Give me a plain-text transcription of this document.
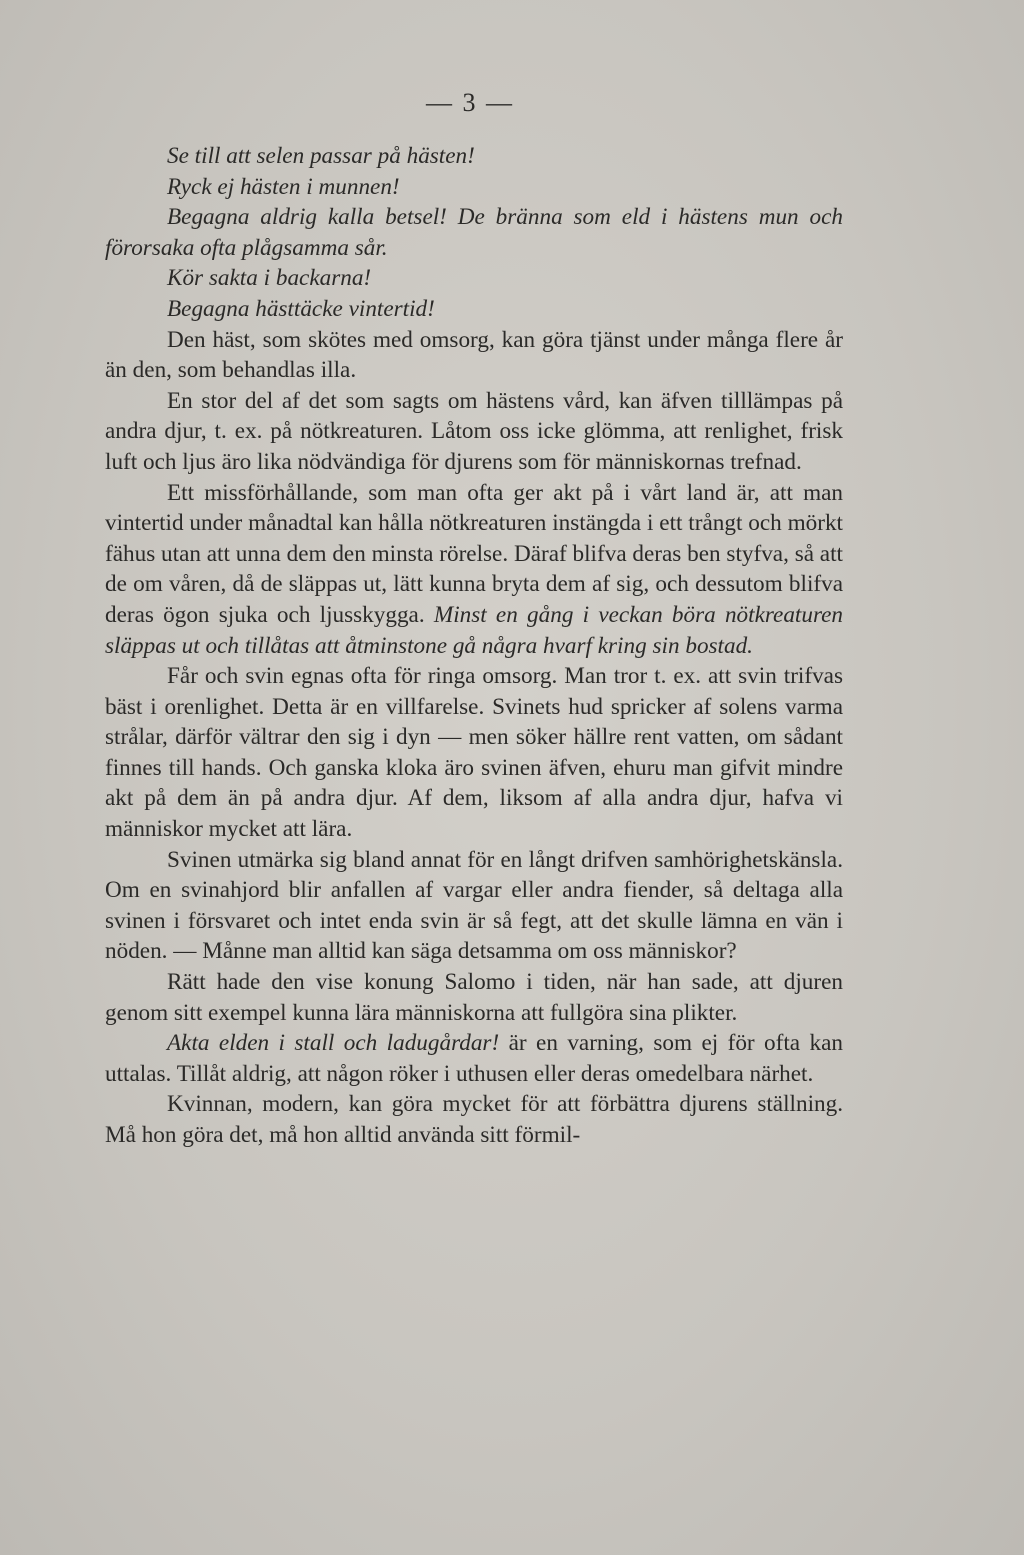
— 3 —

Se till att selen passar på hästen!

Ryck ej hästen i munnen!

Begagna aldrig kalla betsel! De bränna som eld i hästens mun och förorsaka ofta plågsamma sår.

Kör sakta i backarna!

Begagna hästtäcke vintertid!

Den häst, som skötes med omsorg, kan göra tjänst under många flere år än den, som behandlas illa.

En stor del af det som sagts om hästens vård, kan äfven tilllämpas på andra djur, t. ex. på nötkreaturen. Låtom oss icke glömma, att renlighet, frisk luft och ljus äro lika nödvändiga för djurens som för människornas trefnad.

Ett missförhållande, som man ofta ger akt på i vårt land är, att man vintertid under månadtal kan hålla nötkreaturen instängda i ett trångt och mörkt fähus utan att unna dem den minsta rörelse. Däraf blifva deras ben styfva, så att de om våren, då de släppas ut, lätt kunna bryta dem af sig, och dessutom blifva deras ögon sjuka och ljusskygga. Minst en gång i veckan böra nötkreaturen släppas ut och tillåtas att åtminstone gå några hvarf kring sin bostad.

Får och svin egnas ofta för ringa omsorg. Man tror t. ex. att svin trifvas bäst i orenlighet. Detta är en villfarelse. Svinets hud spricker af solens varma strålar, därför vältrar den sig i dyn — men söker hällre rent vatten, om sådant finnes till hands. Och ganska kloka äro svinen äfven, ehuru man gifvit mindre akt på dem än på andra djur. Af dem, liksom af alla andra djur, hafva vi människor mycket att lära.

Svinen utmärka sig bland annat för en långt drifven samhörighetskänsla. Om en svinahjord blir anfallen af vargar eller andra fiender, så deltaga alla svinen i försvaret och intet enda svin är så fegt, att det skulle lämna en vän i nöden. — Månne man alltid kan säga detsamma om oss människor?

Rätt hade den vise konung Salomo i tiden, när han sade, att djuren genom sitt exempel kunna lära människorna att fullgöra sina plikter.

Akta elden i stall och ladugårdar! är en varning, som ej för ofta kan uttalas. Tillåt aldrig, att någon röker i uthusen eller deras omedelbara närhet.

Kvinnan, modern, kan göra mycket för att förbättra djurens ställning. Må hon göra det, må hon alltid använda sitt förmil-
